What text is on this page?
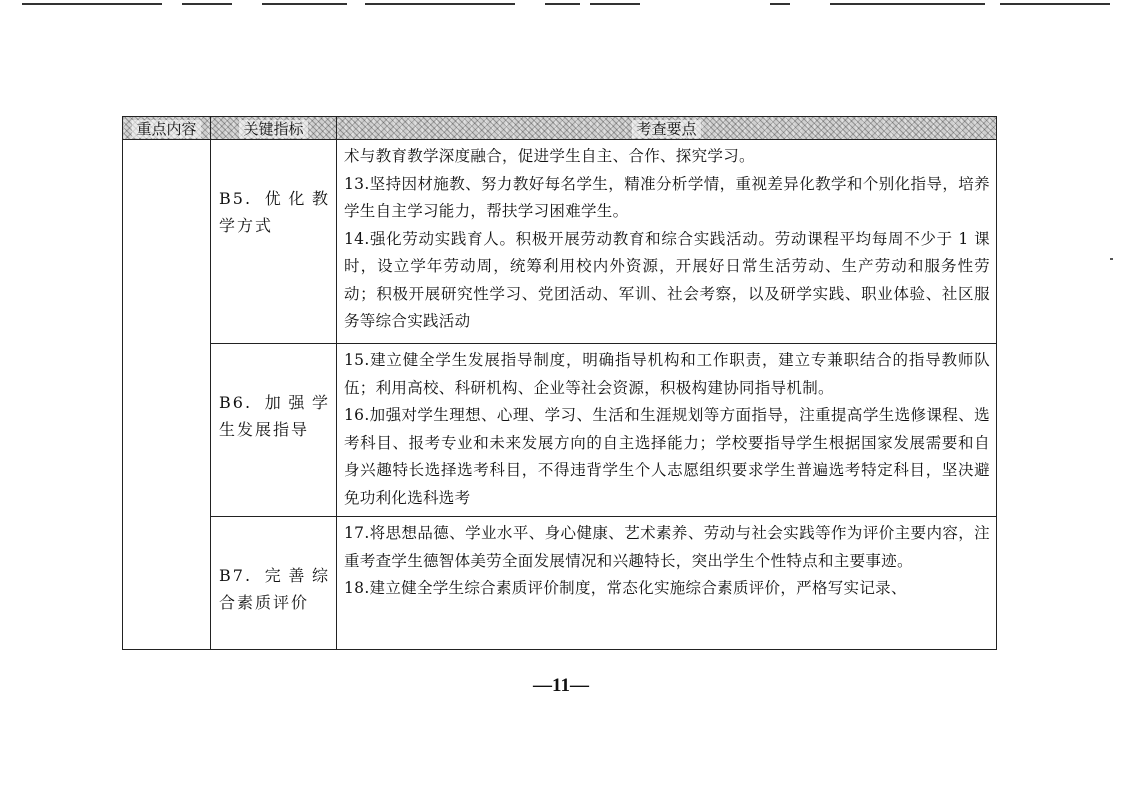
重点内容	关键指标	考查要点
	B5. 优化教学方式	术与教育教学深度融合，促进学生自主、合作、探究学习。

13.坚持因材施教、努力教好每名学生，精准分析学情，重视差异化教学和个别化指导，培养学生自主学习能力，帮扶学习困难学生。

14.强化劳动实践育人。积极开展劳动教育和综合实践活动。劳动课程平均每周不少于 1 课时，设立学年劳动周，统筹利用校内外资源，开展好日常生活劳动、生产劳动和服务性劳动；积极开展研究性学习、党团活动、军训、社会考察，以及研学实践、职业体验、社区服务等综合实践活动

	B6. 加强学生发展指导	15.建立健全学生发展指导制度，明确指导机构和工作职责，建立专兼职结合的指导教师队伍；利用高校、科研机构、企业等社会资源，积极构建协同指导机制。

16.加强对学生理想、心理、学习、生活和生涯规划等方面指导，注重提高学生选修课程、选考科目、报考专业和未来发展方向的自主选择能力；学校要指导学生根据国家发展需要和自身兴趣特长选择选考科目，不得违背学生个人志愿组织要求学生普遍选考特定科目，坚决避免功利化选科选考

	B7. 完善综合素质评价	17.将思想品德、学业水平、身心健康、艺术素养、劳动与社会实践等作为评价主要内容，注重考查学生德智体美劳全面发展情况和兴趣特长，突出学生个性特点和主要事迹。

18.建立健全学生综合素质评价制度，常态化实施综合素质评价，严格写实记录、

—11—
